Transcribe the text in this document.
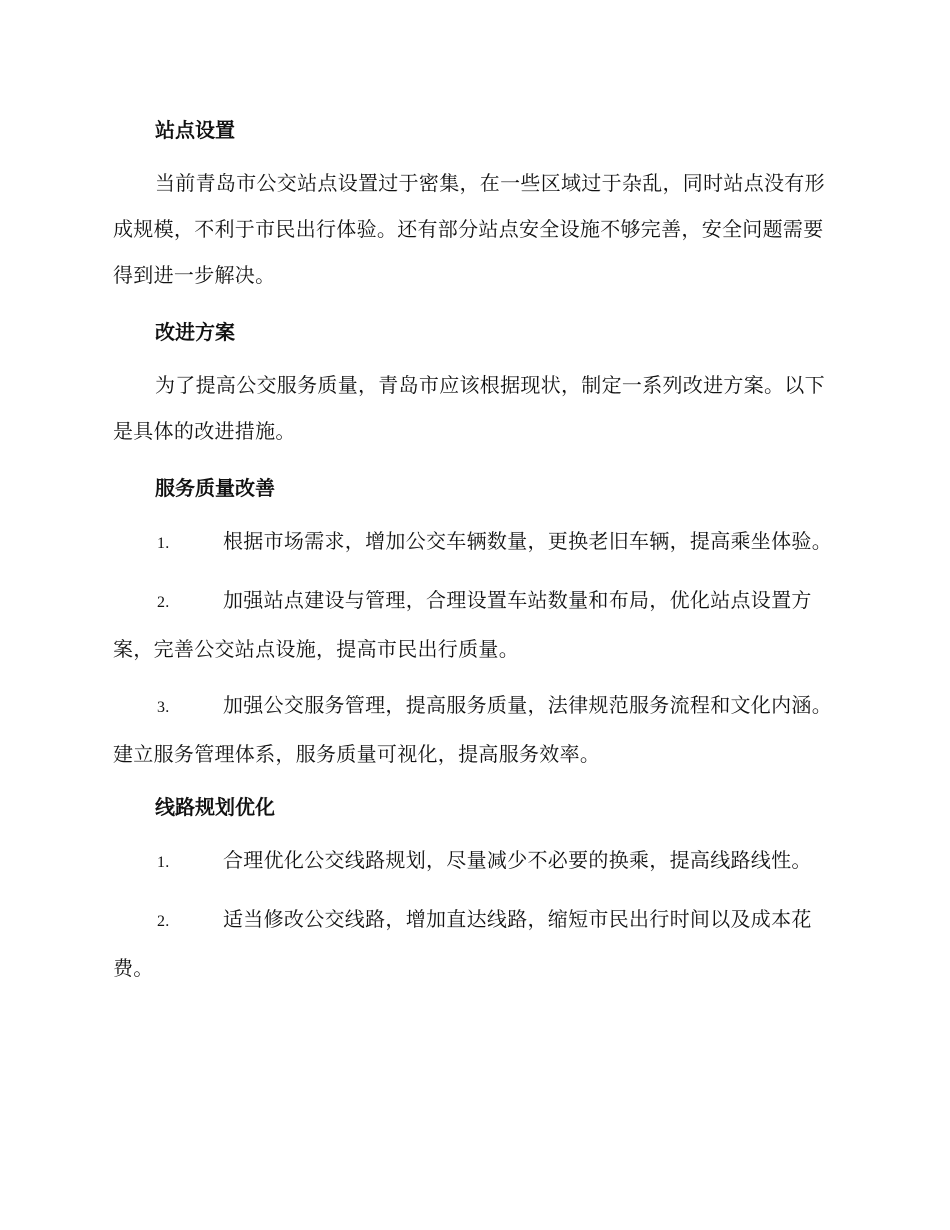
站点设置

当前青岛市公交站点设置过于密集，在一些区域过于杂乱，同时站点没有形成规模，不利于市民出行体验。还有部分站点安全设施不够完善，安全问题需要得到进一步解决。

改进方案

为了提高公交服务质量，青岛市应该根据现状，制定一系列改进方案。以下是具体的改进措施。

服务质量改善

1.	根据市场需求，增加公交车辆数量，更换老旧车辆，提高乘坐体验。

2.	加强站点建设与管理，合理设置车站数量和布局，优化站点设置方案，完善公交站点设施，提高市民出行质量。

3.	加强公交服务管理，提高服务质量，法律规范服务流程和文化内涵。建立服务管理体系，服务质量可视化，提高服务效率。

线路规划优化

1.	合理优化公交线路规划，尽量减少不必要的换乘，提高线路线性。

2.	适当修改公交线路，增加直达线路，缩短市民出行时间以及成本花费。
